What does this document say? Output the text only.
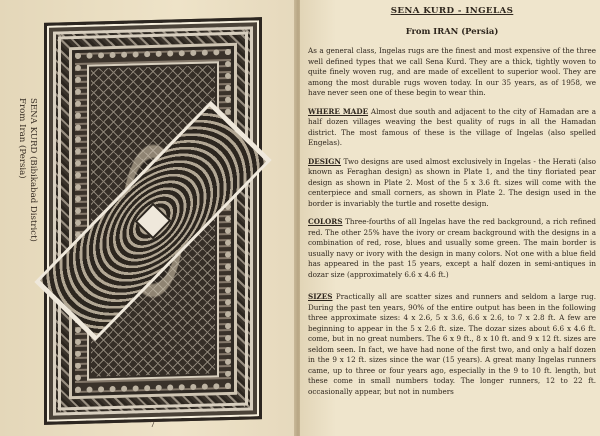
SENA KURD (Bibikabad District)
From Iran (Persia)
7
SENA KURD - INGELAS
From IRAN (Persia)

As a general class, Ingelas rugs are the finest and most expensive of the three well defined types that we call Sena Kurd. They are a thick, tightly woven to quite finely woven rug, and are made of excellent to superior wool. They are among the most durable rugs woven today. In our 35 years, as of 1958, we have never seen one of these begin to wear thin.

WHERE MADE Almost due south and adjacent to the city of Hamadan are a half dozen villages weaving the best quality of rugs in all the Hamadan district. The most famous of these is the village of Ingelas (also spelled Engelas).

DESIGN Two designs are used almost exclusively in Ingelas - the Herati (also known as Feraghan design) as shown in Plate 1, and the tiny floriated pear design as shown in Plate 2. Most of the 5 x 3.6 ft. sizes will come with the centerpiece and small corners, as shown in Plate 2. The design used in the border is invariably the turtle and rosette design.

COLORS Three-fourths of all Ingelas have the red background, a rich refined red. The other 25% have the ivory or cream background with the designs in a combination of red, rose, blues and usually some green. The main border is usually navy or ivory with the design in many colors. Not one with a blue field has appeared in the past 15 years, except a half dozen in semi-antiques in dozar size (approximately 6.6 x 4.6 ft.)

SIZES Practically all are scatter sizes and runners and seldom a large rug. During the past ten years, 90% of the entire output has been in the following three approximate sizes: 4 x 2.6, 5 x 3.6, 6.6 x 2.6, to 7 x 2.8 ft. A few are beginning to appear in the 5 x 2.6 ft. size. The dozar sizes about 6.6 x 4.6 ft. come, but in no great numbers. The 6 x 9 ft., 8 x 10 ft. and 9 x 12 ft. sizes are seldom seen. In fact, we have had none of the first two, and only a half dozen in the 9 x 12 ft. sizes since the war (15 years). A great many Ingelas runners came, up to three or four years ago, especially in the 9 to 10 ft. length, but these come in small numbers today. The longer runners, 12 to 22 ft. occasionally appear, but not in numbers
